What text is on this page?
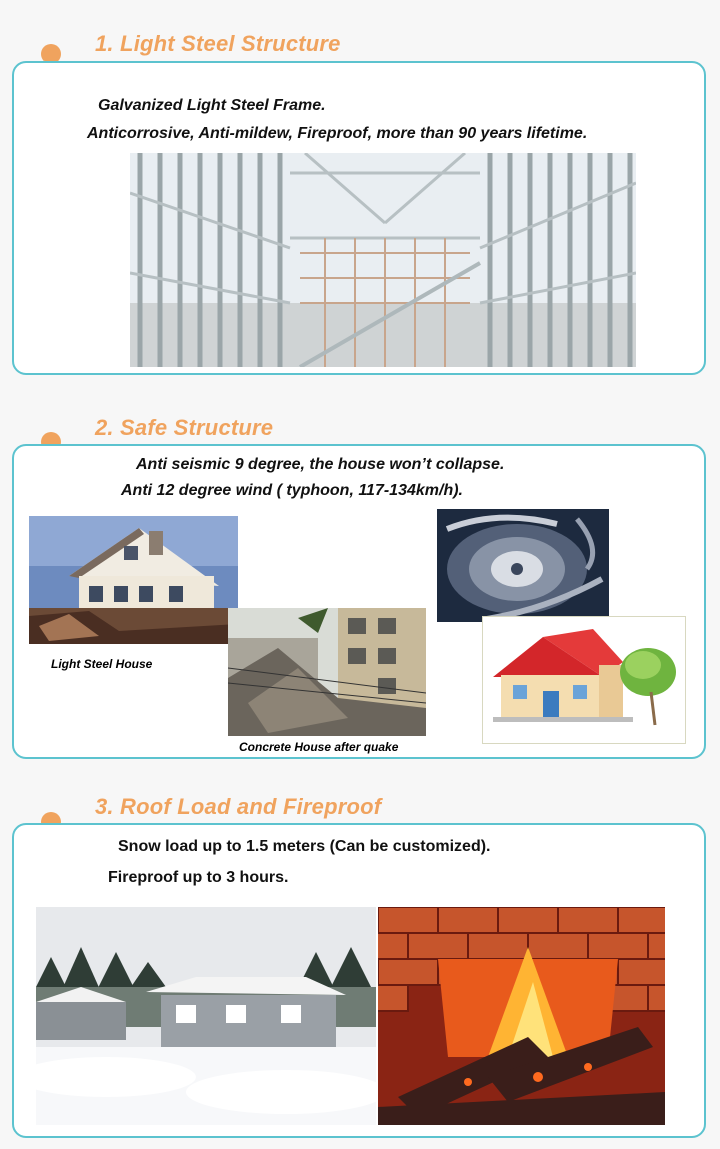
1. Light Steel Structure
Galvanized Light Steel Frame.
Anticorrosive, Anti-mildew, Fireproof, more than 90 years lifetime.
2. Safe Structure
Anti seismic 9 degree, the house won’t collapse.
Anti 12 degree wind ( typhoon, 117-134km/h).
Light Steel House
Concrete House after quake
3. Roof Load and Fireproof
Snow load up to 1.5 meters (Can be customized).
Fireproof up to 3 hours.
